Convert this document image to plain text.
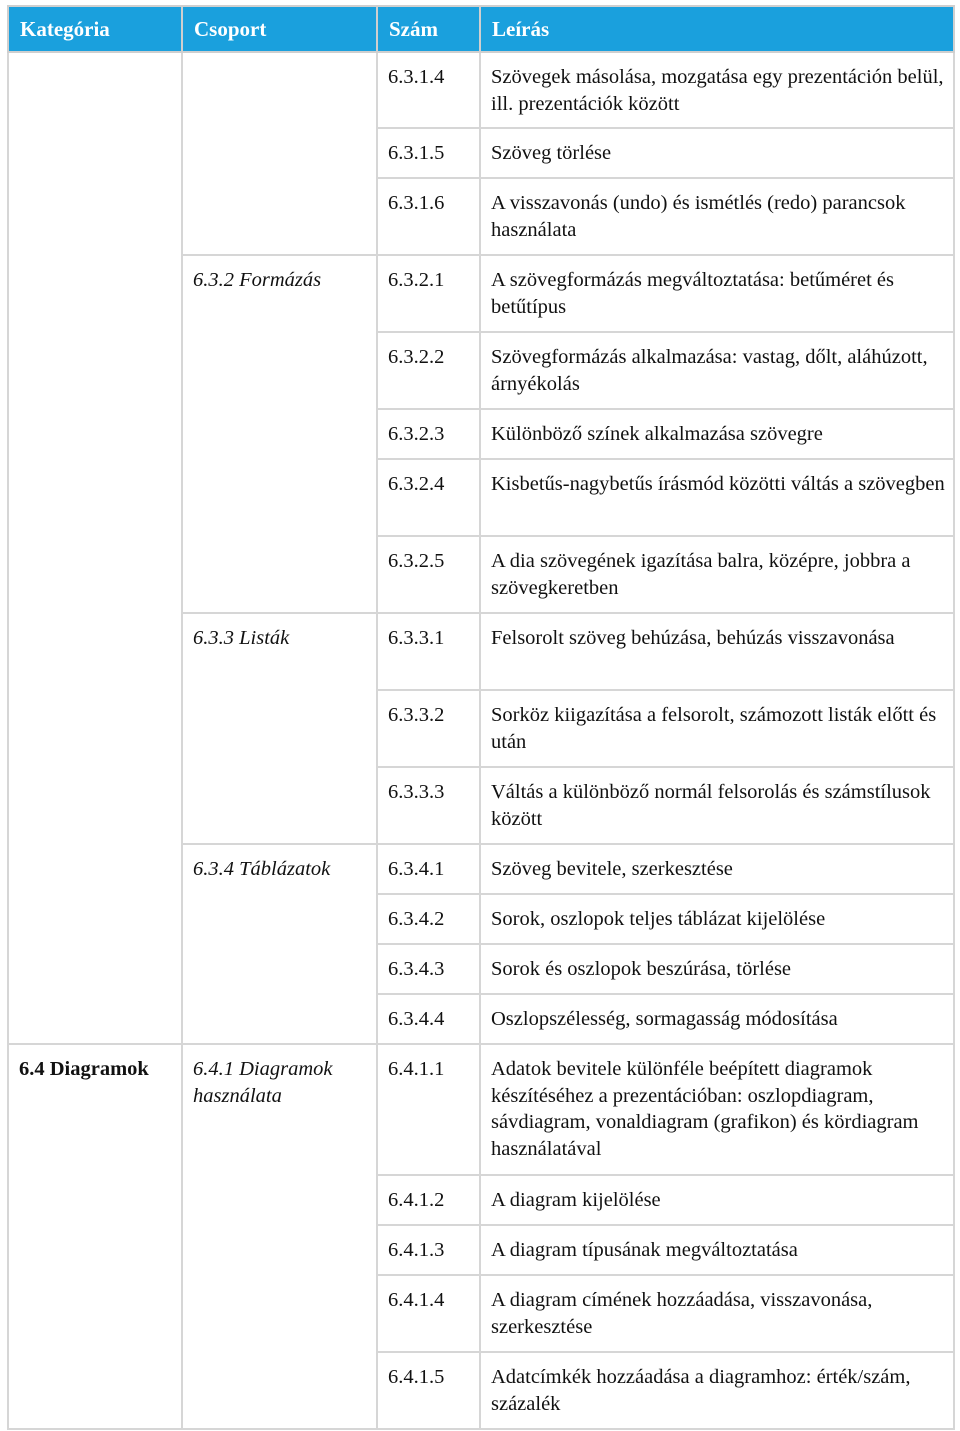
Kategória	Csoport	Szám	Leírás
		6.3.1.4	Szövegek másolása, mozgatása egy prezentáción belül, ill. prezentációk között
		6.3.1.5	Szöveg törlése
		6.3.1.6	A visszavonás (undo) és ismétlés (redo) parancsok használata
	6.3.2 Formázás	6.3.2.1	A szövegformázás megváltoztatása: betűméret és betűtípus
		6.3.2.2	Szövegformázás alkalmazása: vastag, dőlt, aláhúzott, árnyékolás
		6.3.2.3	Különböző színek alkalmazása szövegre
		6.3.2.4	Kisbetűs-nagybetűs írásmód közötti váltás a szövegben
		6.3.2.5	A dia szövegének igazítása balra, középre, jobbra a szövegkeretben
	6.3.3 Listák	6.3.3.1	Felsorolt szöveg behúzása, behúzás visszavonása
		6.3.3.2	Sorköz kiigazítása a felsorolt, számozott listák előtt és után
		6.3.3.3	Váltás a különböző normál felsorolás és számstílusok között
	6.3.4 Táblázatok	6.3.4.1	Szöveg bevitele, szerkesztése
		6.3.4.2	Sorok, oszlopok teljes táblázat kijelölése
		6.3.4.3	Sorok és oszlopok beszúrása, törlése
		6.3.4.4	Oszlopszélesség, sormagasság módosítása
6.4 Diagramok	6.4.1 Diagramok használata	6.4.1.1	Adatok bevitele különféle beépített diagramok készítéséhez a prezentációban: oszlopdiagram, sávdiagram, vonaldiagram (grafikon) és kördiagram használatával
		6.4.1.2	A diagram kijelölése
		6.4.1.3	A diagram típusának megváltoztatása
		6.4.1.4	A diagram címének hozzáadása, visszavonása, szerkesztése
		6.4.1.5	Adatcímkék hozzáadása a diagramhoz: érték/szám, százalék
